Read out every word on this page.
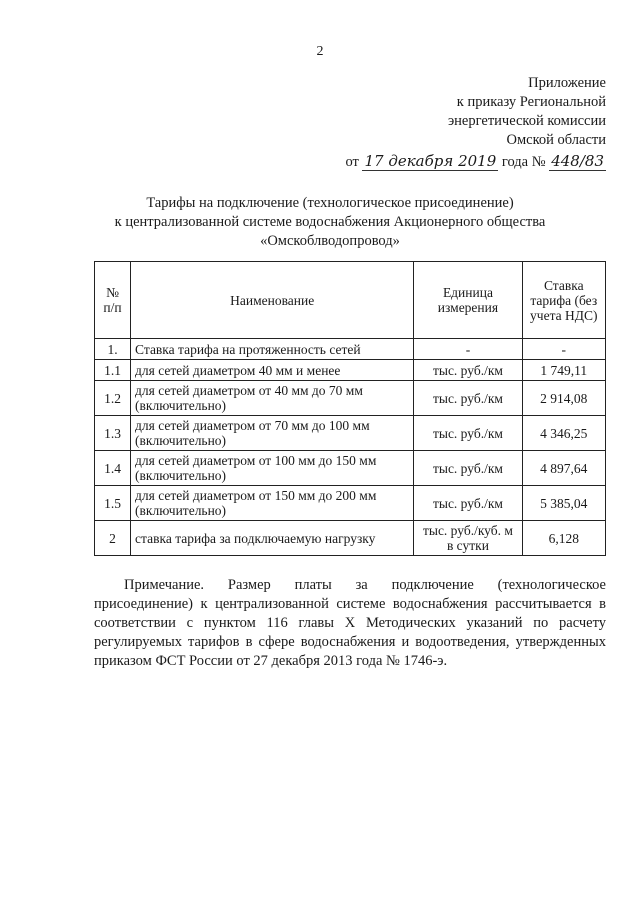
2
Приложение
к приказу Региональной
энергетической комиссии
Омской области
от 17 декабря 2019 года № 448/83
Тарифы на подключение (технологическое присоединение)
к централизованной системе водоснабжения Акционерного общества
«Омскоблводопровод»
№ п/п	Наименование	Единица измерения	Ставка тарифа (без учета НДС)
1.	Ставка тарифа на протяженность сетей	-	-
1.1	для сетей диаметром 40 мм и менее	тыс. руб./км	1 749,11
1.2	для сетей диаметром от 40 мм до 70 мм (включительно)	тыс. руб./км	2 914,08
1.3	для сетей диаметром от 70 мм до 100 мм (включительно)	тыс. руб./км	4 346,25
1.4	для сетей диаметром от 100 мм до 150 мм (включительно)	тыс. руб./км	4 897,64
1.5	для сетей диаметром от 150 мм до 200 мм (включительно)	тыс. руб./км	5 385,04
2	ставка тарифа за подключаемую нагрузку	тыс. руб./куб. м в сутки	6,128
Примечание. Размер платы за подключение (технологическое присоединение) к централизованной системе водоснабжения рассчитывается в соответствии с пунктом 116 главы X Методических указаний по расчету регулируемых тарифов в сфере водоснабжения и водоотведения, утвержденных приказом ФСТ России от 27 декабря 2013 года № 1746-э.
